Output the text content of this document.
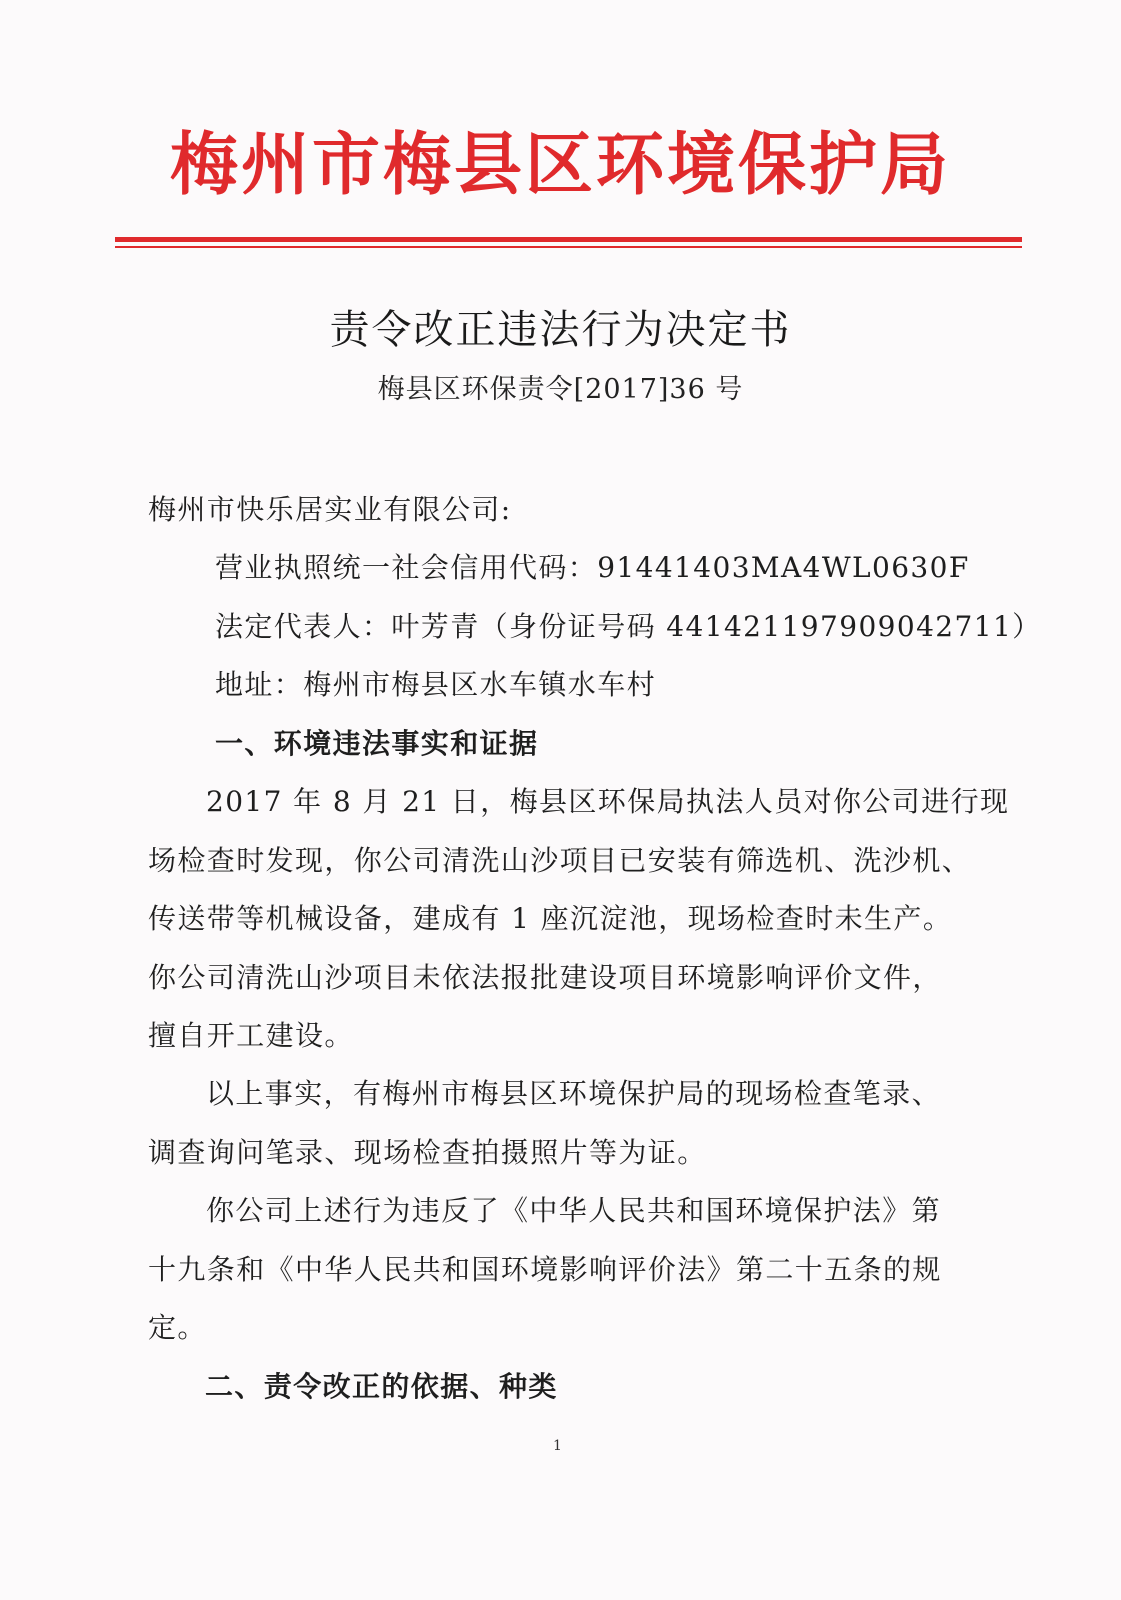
梅州市梅县区环境保护局
责令改正违法行为决定书
梅县区环保责令[2017]36 号
梅州市快乐居实业有限公司:
营业执照统一社会信用代码：91441403MA4WL0630F
法定代表人：叶芳青（身份证号码 441421197909042711）
地址：梅州市梅县区水车镇水车村
一、环境违法事实和证据
2017 年 8 月 21 日，梅县区环保局执法人员对你公司进行现
场检查时发现，你公司清洗山沙项目已安装有筛选机、洗沙机、
传送带等机械设备，建成有 1 座沉淀池，现场检查时未生产。
你公司清洗山沙项目未依法报批建设项目环境影响评价文件，
擅自开工建设。
以上事实，有梅州市梅县区环境保护局的现场检查笔录、
调查询问笔录、现场检查拍摄照片等为证。
你公司上述行为违反了《中华人民共和国环境保护法》第
十九条和《中华人民共和国环境影响评价法》第二十五条的规
定。
二、责令改正的依据、种类
1
